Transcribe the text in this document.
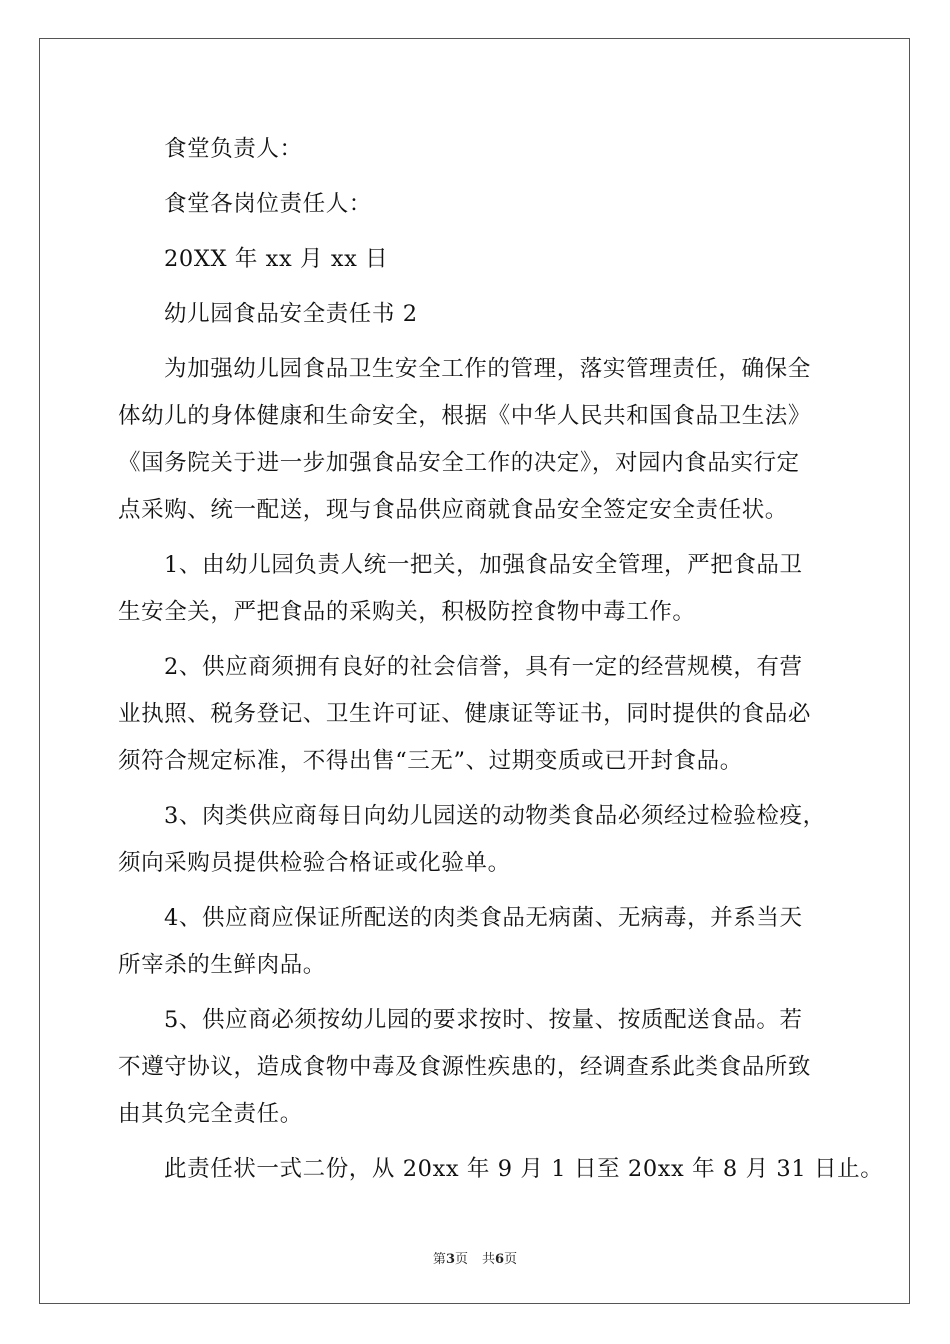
食堂负责人：
食堂各岗位责任人：
20XX 年 xx 月 xx 日
幼儿园食品安全责任书 2
为加强幼儿园食品卫生安全工作的管理，落实管理责任，确保全
体幼儿的身体健康和生命安全，根据《中华人民共和国食品卫生法》
《国务院关于进一步加强食品安全工作的决定》，对园内食品实行定
点采购、统一配送，现与食品供应商就食品安全签定安全责任状。
1、由幼儿园负责人统一把关，加强食品安全管理，严把食品卫
生安全关，严把食品的采购关，积极防控食物中毒工作。
2、供应商须拥有良好的社会信誉，具有一定的经营规模，有营
业执照、税务登记、卫生许可证、健康证等证书，同时提供的食品必
须符合规定标准，不得出售“三无”、过期变质或已开封食品。
3、肉类供应商每日向幼儿园送的动物类食品必须经过检验检疫，
须向采购员提供检验合格证或化验单。
4、供应商应保证所配送的肉类食品无病菌、无病毒，并系当天
所宰杀的生鲜肉品。
5、供应商必须按幼儿园的要求按时、按量、按质配送食品。若
不遵守协议，造成食物中毒及食源性疾患的，经调查系此类食品所致
由其负完全责任。
此责任状一式二份，从 20xx 年 9 月 1 日至 20xx 年 8 月 31 日止。
第3页 共6页
